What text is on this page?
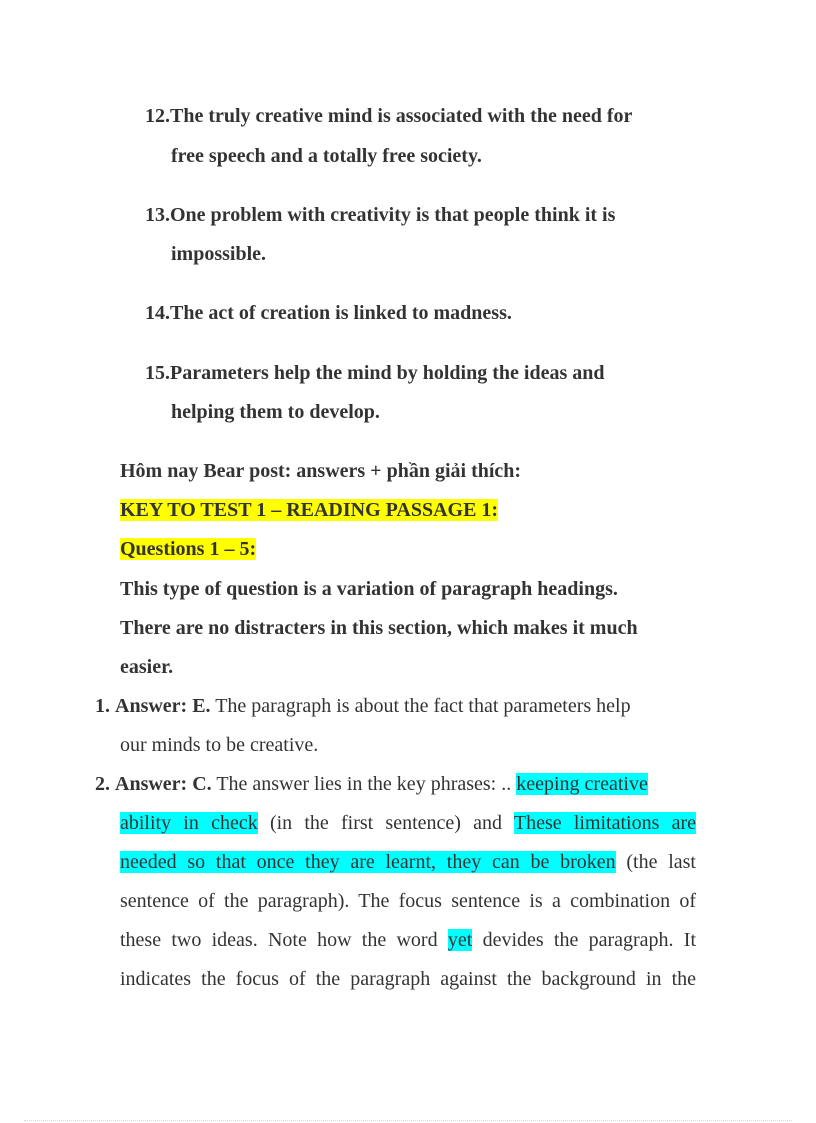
12.The truly creative mind is associated with the need for
free speech and a totally free society.
13.One problem with creativity is that people think it is
impossible.
14.The act of creation is linked to madness.
15.Parameters help the mind by holding the ideas and
helping them to develop.
Hôm nay Bear post: answers + phần giải thích:
KEY TO TEST 1 – READING PASSAGE 1:
Questions 1 – 5:
This type of question is a variation of paragraph headings.
There are no distracters in this section, which makes it much
easier.
1. Answer: E. The paragraph is about the fact that parameters help
our minds to be creative.
2. Answer: C. The answer lies in the key phrases: .. keeping creative
ability in check (in the first sentence) and These limitations are
needed so that once they are learnt, they can be broken (the last
sentence of the paragraph). The focus sentence is a combination of
these two ideas. Note how the word yet devides the paragraph. It
indicates the focus of the paragraph against the background in the
